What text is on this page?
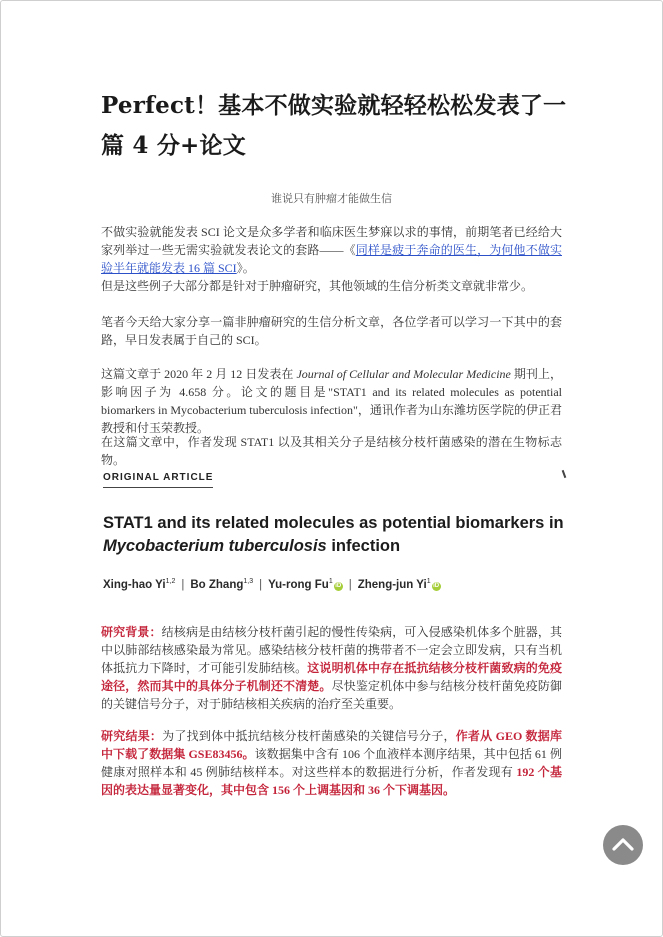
Perfect！基本不做实验就轻轻松松发表了一篇 4 分+论文

谁说只有肿瘤才能做生信

不做实验就能发表 SCI 论文是众多学者和临床医生梦寐以求的事情，前期笔者已经给大家列举过一些无需实验就发表论文的套路——《同样是疲于奔命的医生，为何他不做实验半年就能发表 16 篇 SCI》。

但是这些例子大部分都是针对于肿瘤研究，其他领域的生信分析类文章就非常少。

笔者今天给大家分享一篇非肿瘤研究的生信分析文章，各位学者可以学习一下其中的套路，早日发表属于自己的 SCI。

这篇文章于 2020 年 2 月 12 日发表在 Journal of Cellular and Molecular Medicine 期刊上，影响因子为 4.658 分。论文的题目是"STAT1 and its related molecules as potential biomarkers in Mycobacterium tuberculosis infection"，通讯作者为山东潍坊医学院的伊正君教授和付玉荣教授。

在这篇文章中，作者发现 STAT1 以及其相关分子是结核分枝杆菌感染的潜在生物标志物。

ORIGINAL ARTICLE

STAT1 and its related molecules as potential biomarkers in
Mycobacterium tuberculosis infection

Xing-hao Yi$^{1,2}$ | Bo Zhang$^{1,3}$ | Yu-rong Fu$^1$iD | Zheng-jun Yi$^1$iD

研究背景：结核病是由结核分枝杆菌引起的慢性传染病，可入侵感染机体多个脏器，其中以肺部结核感染最为常见。感染结核分枝杆菌的携带者不一定会立即发病，只有当机体抵抗力下降时，才可能引发肺结核。这说明机体中存在抵抗结核分枝杆菌致病的免疫途径，然而其中的具体分子机制还不清楚。尽快鉴定机体中参与结核分枝杆菌免疫防御的关键信号分子，对于肺结核相关疾病的治疗至关重要。

研究结果：为了找到体中抵抗结核分枝杆菌感染的关键信号分子，作者从 GEO 数据库中下载了数据集 GSE83456。该数据集中含有 106 个血液样本测序结果，其中包括 61 例健康对照样本和 45 例肺结核样本。对这些样本的数据进行分析，作者发现有 192 个基因的表达量显著变化，其中包含 156 个上调基因和 36 个下调基因。
